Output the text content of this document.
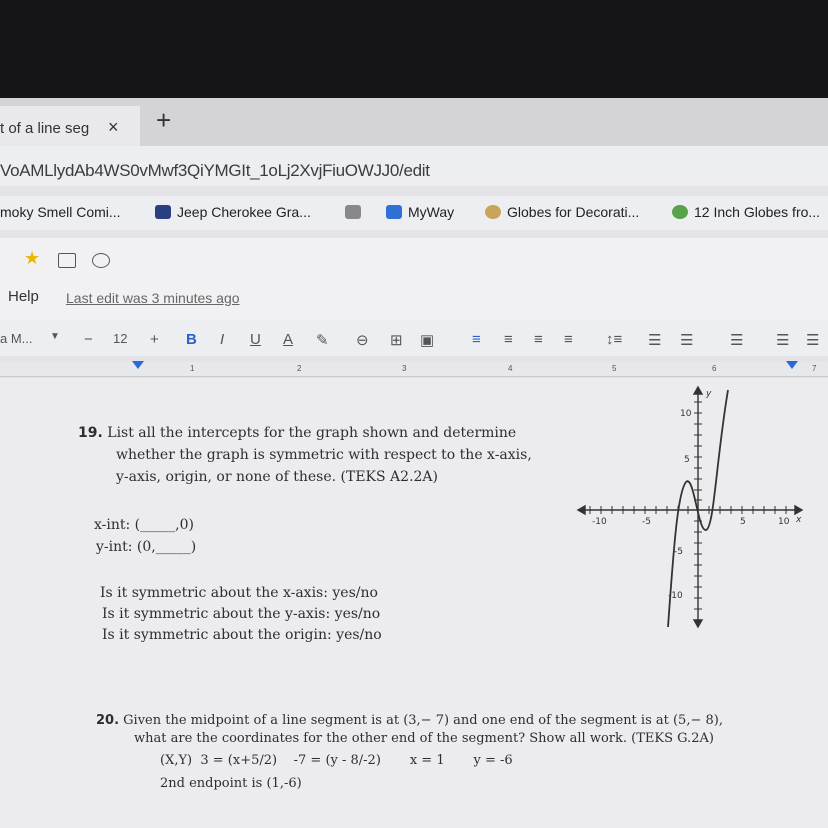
t of a line seg × +
VoAMLlydAb4WS0vMwf3QiYMGIt_1oLj2XvjFiuOWJJ0/edit
moky Smell Comi...	Jeep Cherokee Gra...	MyWay	Globes for Decorati...	12 Inch Globes fro...
★
Help Last edit was 3 minutes ago
a M... ▼ − 12 + B I U A ✎ ⊖ ⊞ ▣	≡ ≡ ≡ ≡ ↕≡ ☰ ☰ ☰ ☰ ☰
1	2	3	4	5	6	7
19. List all the intercepts for the graph shown and determine
whether the graph is symmetric with respect to the x-axis,
y-axis, origin, or none of these. (TEKS A2.2A)
x-int: (_____,0)
y-int: (0,_____)
Is it symmetric about the x-axis: yes/no
Is it symmetric about the y-axis: yes/no
Is it symmetric about the origin: yes/no
y
x
10
5
-5
-10
-10	-5	5	10
20. Given the midpoint of a line segment is at (3,− 7) and one end of the segment is at (5,− 8),
what are the coordinates for the other end of the segment? Show all work. (TEKS G.2A)
(X,Y)  3 = (x+5/2)    -7 = (y - 8/-2)       x = 1       y = -6
2nd endpoint is (1,-6)
